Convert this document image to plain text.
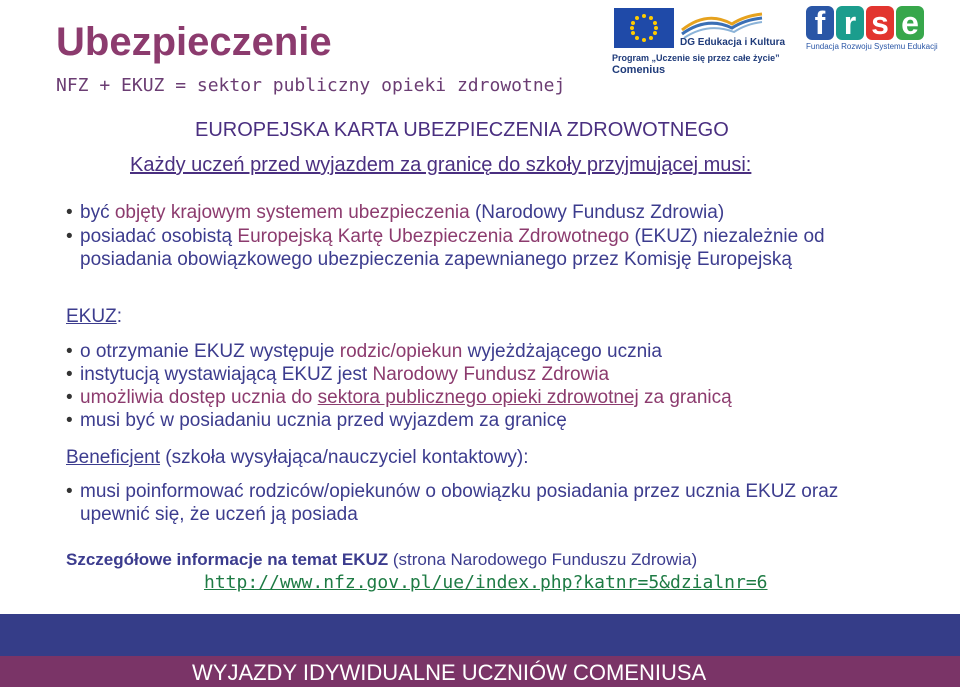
Ubezpieczenie
NFZ + EKUZ = sektor publiczny opieki zdrowotnej
DG Edukacja i Kultura
Program „Uczenie się przez całe życie”
Comenius
f r s e
Fundacja Rozwoju Systemu Edukacji
EUROPEJSKA KARTA UBEZPIECZENIA ZDROWOTNEGO
Każdy uczeń przed wyjazdem za granicę do szkoły przyjmującej musi:
• być objęty krajowym systemem ubezpieczenia (Narodowy Fundusz Zdrowia)
• posiadać osobistą Europejską Kartę Ubezpieczenia Zdrowotnego (EKUZ) niezależnie od posiadania obowiązkowego ubezpieczenia zapewnianego przez Komisję Europejską
EKUZ:
• o otrzymanie EKUZ występuje rodzic/opiekun wyjeżdżającego ucznia
• instytucją wystawiającą EKUZ jest Narodowy Fundusz Zdrowia
• umożliwia dostęp uczniа do sektora publicznego opieki zdrowotnej za granicą
• musi być w posiadaniu ucznia przed wyjazdem za granicę
Beneficjent (szkoła wysyłająca/nauczyciel kontaktowy):
• musi poinformować rodziców/opiekunów o obowiązku posiadania przez ucznia EKUZ oraz upewnić się, że uczeń ją posiada
Szczegółowe informacje na temat EKUZ (strona Narodowego Funduszu Zdrowia)
http://www.nfz.gov.pl/ue/index.php?katnr=5&dzialnr=6
WYJAZDY IDYWIDUALNE UCZNIÓW COMENIUSA
